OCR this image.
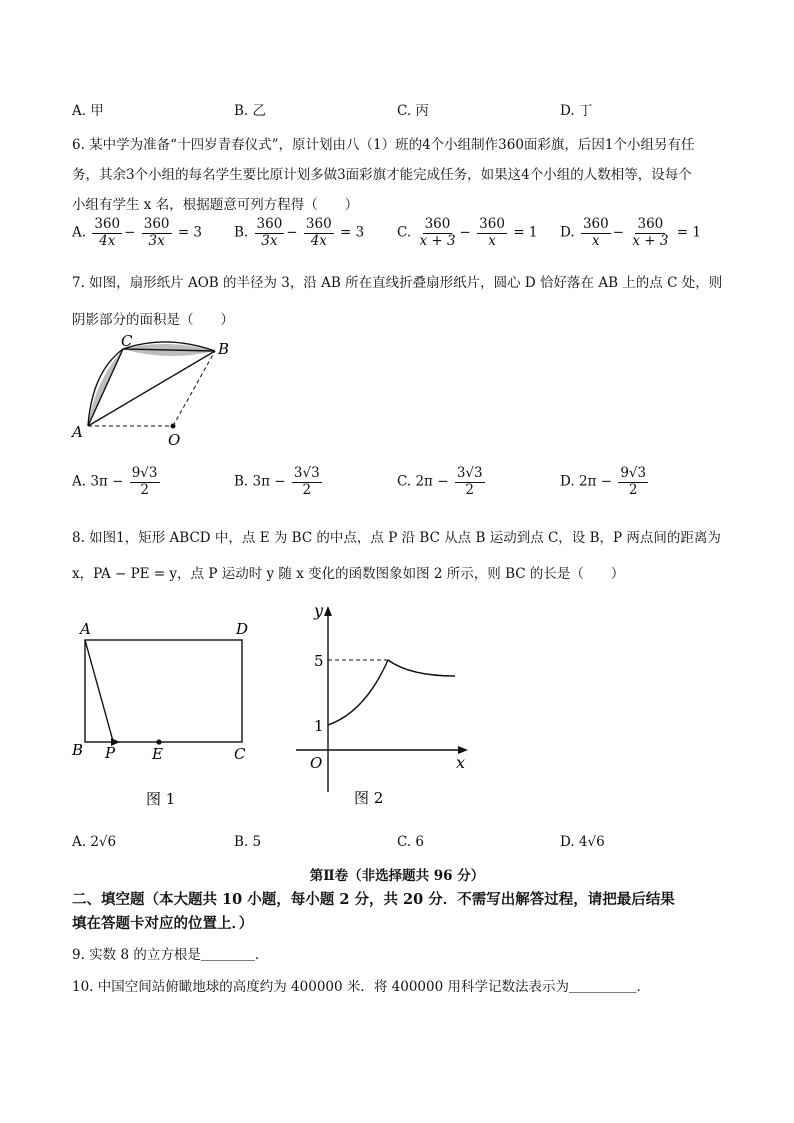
A. 甲	B. 乙	C. 丙	D. 丁
6. 某中学为准备“十四岁青春仪式”，原计划由八（1）班的4个小组制作360面彩旗，后因1个小组另有任
务，其余3个小组的每名学生要比原计划多做3面彩旗才能完成任务，如果这4个小组的人数相等，设每个
小组有学生 x 名，根据题意可列方程得（　　）
A. $\frac{360}{4x} - \frac{360}{3x} = 3$ B. $\frac{360}{3x} - \frac{360}{4x} = 3$ C. $\frac{360}{x + 3} - \frac{360}{x} = 1$ D. $\frac{360}{x} - \frac{360}{x + 3} = 1$
7. 如图，扇形纸片 AOB 的半径为 3，沿 AB 所在直线折叠扇形纸片，圆心 D 恰好落在 AB 上的点 C 处，则
阴影部分的面积是（　　）
C	B
A	O
A. $3\pi - \frac{9√3}{2}$	B. $3\pi - \frac{3√3}{2}$	C. $2\pi - \frac{3√3}{2}$	D. $2\pi - \frac{9√3}{2}$
8. 如图1，矩形 ABCD 中，点 E 为 BC 的中点，点 P 沿 BC 从点 B 运动到点 C，设 B，P 两点间的距离为
x，PA − PE = y，点 P 运动时 y 随 x 变化的函数图象如图 2 所示，则 BC 的长是（　　）
A	D
B P E	C
图 1
y
x
O
5
1
图 2
A. 2√6	B. 5	C. 6	D. 4√6
第Ⅱ卷（非选择题共 96 分）
二、填空题（本大题共 10 小题，每小题 2 分，共 20 分．不需写出解答过程，请把最后结果
填在答题卡对应的位置上．）
9. 实数 8 的立方根是＿＿＿＿．
10. 中国空间站俯瞰地球的高度约为 400000 米．将 400000 用科学记数法表示为＿＿＿＿＿．
